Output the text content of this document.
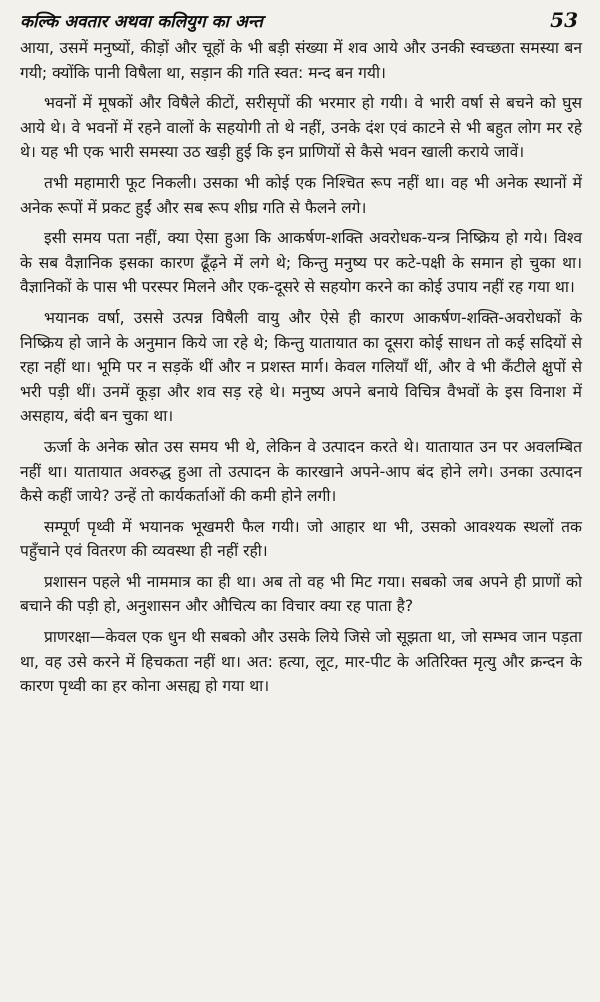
कल्कि अवतार अथवा कलियुग का अन्त	53

आया, उसमें मनुष्यों, कीड़ों और चूहों के भी बड़ी संख्या में शव आये और उनकी स्वच्छता समस्या बन गयी; क्योंकि पानी विषैला था, सड़ान की गति स्वत: मन्द बन गयी।

भवनों में मूषकों और विषैले कीटों, सरीसृपों की भरमार हो गयी। वे भारी वर्षा से बचने को घुस आये थे। वे भवनों में रहने वालों के सहयोगी तो थे नहीं, उनके दंश एवं काटने से भी बहुत लोग मर रहे थे। यह भी एक भारी समस्या उठ खड़ी हुई कि इन प्राणियों से कैसे भवन खाली कराये जावें।

तभी महामारी फूट निकली। उसका भी कोई एक निश्चित रूप नहीं था। वह भी अनेक स्थानों में अनेक रूपों में प्रकट हुईं और सब रूप शीघ्र गति से फैलने लगे।

इसी समय पता नहीं, क्या ऐसा हुआ कि आकर्षण-शक्ति अवरोधक-यन्त्र निष्क्रिय हो गये। विश्व के सब वैज्ञानिक इसका कारण ढूँढ़ने में लगे थे; किन्तु मनुष्य पर कटे-पक्षी के समान हो चुका था। वैज्ञानिकों के पास भी परस्पर मिलने और एक-दूसरे से सहयोग करने का कोई उपाय नहीं रह गया था।

भयानक वर्षा, उससे उत्पन्न विषैली वायु और ऐसे ही कारण आकर्षण-शक्ति-अवरोधकों के निष्क्रिय हो जाने के अनुमान किये जा रहे थे; किन्तु यातायात का दूसरा कोई साधन तो कई सदियों से रहा नहीं था। भूमि पर न सड़कें थीं और न प्रशस्त मार्ग। केवल गलियाँ थीं, और वे भी कँटीले क्षुपों से भरी पड़ी थीं। उनमें कूड़ा और शव सड़ रहे थे। मनुष्य अपने बनाये विचित्र वैभवों के इस विनाश में असहाय, बंदी बन चुका था।

ऊर्जा के अनेक स्रोत उस समय भी थे, लेकिन वे उत्पादन करते थे। यातायात उन पर अवलम्बित नहीं था। यातायात अवरुद्ध हुआ तो उत्पादन के कारखाने अपने-आप बंद होने लगे। उनका उत्पादन कैसे कहीं जाये? उन्हें तो कार्यकर्ताओं की कमी होने लगी।

सम्पूर्ण पृथ्वी में भयानक भूखमरी फैल गयी। जो आहार था भी, उसको आवश्यक स्थलों तक पहुँचाने एवं वितरण की व्यवस्था ही नहीं रही।

प्रशासन पहले भी नाममात्र का ही था। अब तो वह भी मिट गया। सबको जब अपने ही प्राणों को बचाने की पड़ी हो, अनुशासन और औचित्य का विचार क्या रह पाता है?

प्राणरक्षा—केवल एक धुन थी सबको और उसके लिये जिसे जो सूझता था, जो सम्भव जान पड़ता था, वह उसे करने में हिचकता नहीं था। अत: हत्या, लूट, मार-पीट के अतिरिक्त मृत्यु और क्रन्दन के कारण पृथ्वी का हर कोना असह्य हो गया था।
